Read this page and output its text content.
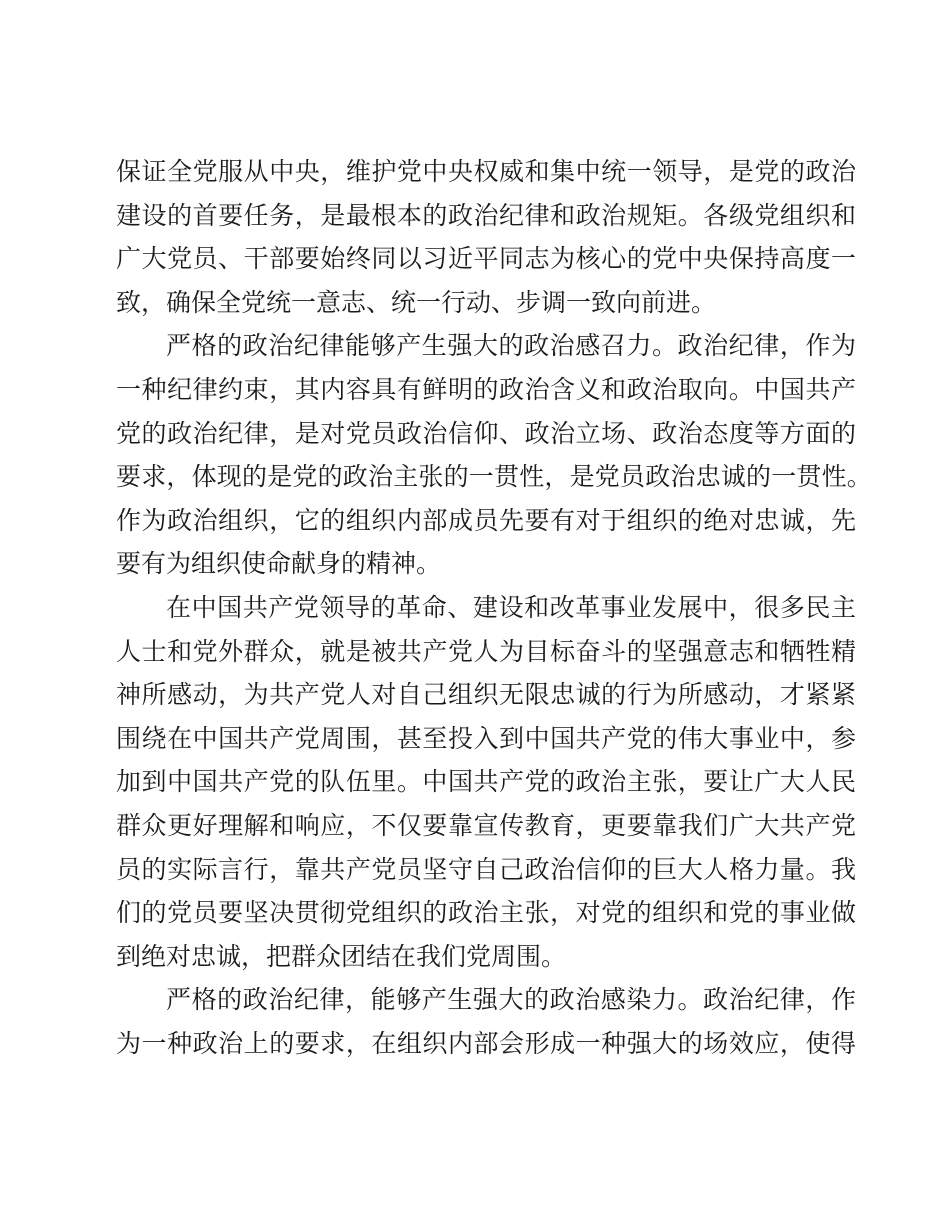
保证全党服从中央，维护党中央权威和集中统一领导，是党的政治
建设的首要任务，是最根本的政治纪律和政治规矩。各级党组织和
广大党员、干部要始终同以习近平同志为核心的党中央保持高度一
致，确保全党统一意志、统一行动、步调一致向前进。
严格的政治纪律能够产生强大的政治感召力。政治纪律，作为
一种纪律约束，其内容具有鲜明的政治含义和政治取向。中国共产
党的政治纪律，是对党员政治信仰、政治立场、政治态度等方面的
要求，体现的是党的政治主张的一贯性，是党员政治忠诚的一贯性。
作为政治组织，它的组织内部成员先要有对于组织的绝对忠诚，先
要有为组织使命献身的精神。
在中国共产党领导的革命、建设和改革事业发展中，很多民主
人士和党外群众，就是被共产党人为目标奋斗的坚强意志和牺牲精
神所感动，为共产党人对自己组织无限忠诚的行为所感动，才紧紧
围绕在中国共产党周围，甚至投入到中国共产党的伟大事业中，参
加到中国共产党的队伍里。中国共产党的政治主张，要让广大人民
群众更好理解和响应，不仅要靠宣传教育，更要靠我们广大共产党
员的实际言行，靠共产党员坚守自己政治信仰的巨大人格力量。我
们的党员要坚决贯彻党组织的政治主张，对党的组织和党的事业做
到绝对忠诚，把群众团结在我们党周围。
严格的政治纪律，能够产生强大的政治感染力。政治纪律，作
为一种政治上的要求，在组织内部会形成一种强大的场效应，使得
